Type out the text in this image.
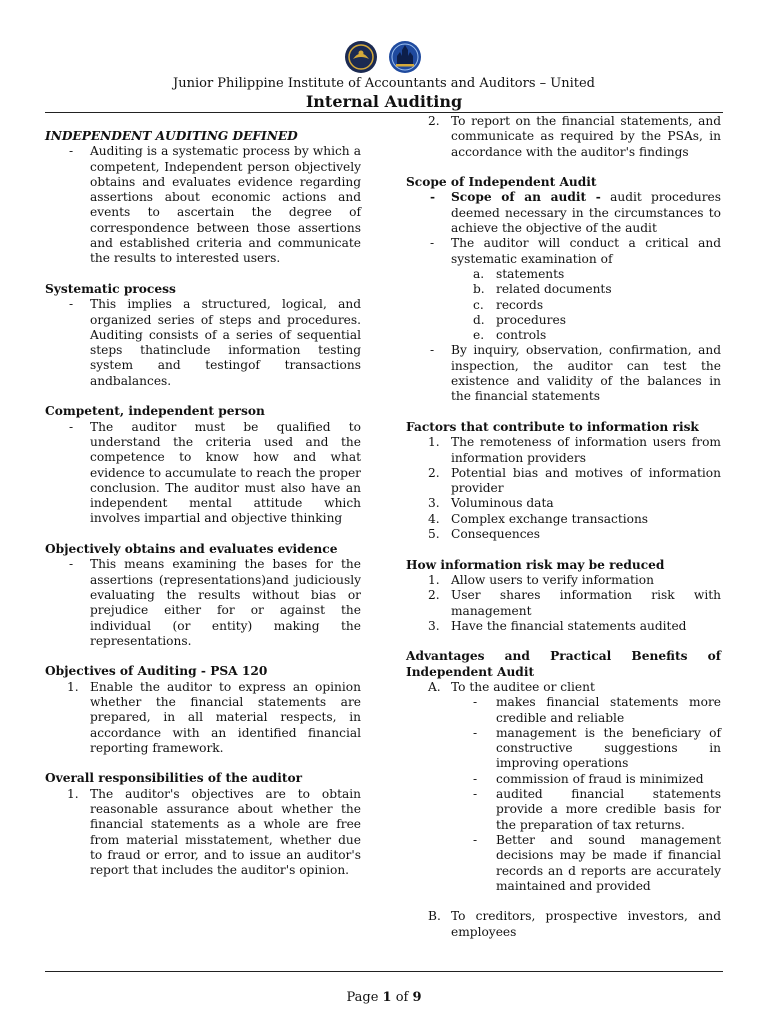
Junior Philippine Institute of Accountants and Auditors – United
Internal Auditing
INDEPENDENT AUDITING DEFINED
- Auditing is a systematic process by which a competent, Independent person objectively obtains and evaluates evidence regarding assertions about economic actions and events to ascertain the degree of correspondence between those assertions and established criteria and communicate the results to interested users.
Systematic process
- This implies a structured, logical, and organized series of steps and procedures. Auditing consists of a series of sequential steps thatinclude information testing system and testingof transactions andbalances.
Competent, independent person
- The auditor must be qualified to understand the criteria used and the competence to know how and what evidence to accumulate to reach the proper conclusion. The auditor must also have an independent mental attitude which involves impartial and objective thinking
Objectively obtains and evaluates evidence
- This means examining the bases for the assertions (representations)and judiciously evaluating the results without bias or prejudice either for or against the individual (or entity) making the representations.
Objectives of Auditing - PSA 120
1. Enable the auditor to express an opinion whether the financial statements are prepared, in all material respects, in accordance with an identified financial reporting framework.
Overall responsibilities of the auditor
1. The auditor's objectives are to obtain reasonable assurance about whether the financial statements as a whole are free from material misstatement, whether due to fraud or error, and to issue an auditor's report that includes the auditor's opinion.
2. To report on the financial statements, and communicate as required by the PSAs, in accordance with the auditor's findings
Scope of Independent Audit
- Scope of an audit - audit procedures deemed necessary in the circumstances to achieve the objective of the audit
- The auditor will conduct a critical and systematic examination of
a. statements
b. related documents
c. records
d. procedures
e. controls
- By inquiry, observation, confirmation, and inspection, the auditor can test the existence and validity of the balances in the financial statements
Factors that contribute to information risk
1. The remoteness of information users from information providers
2. Potential bias and motives of information provider
3. Voluminous data
4. Complex exchange transactions
5. Consequences
How information risk may be reduced
1. Allow users to verify information
2. User shares information risk with management
3. Have the financial statements audited
Advantages and Practical Benefits of Independent Audit
A. To the auditee or client
- makes financial statements more credible and reliable
- management is the beneficiary of constructive suggestions in improving operations
- commission of fraud is minimized
- audited financial statements provide a more credible basis for the preparation of tax returns.
- Better and sound management decisions may be made if financial records an d reports are accurately maintained and provided
B. To creditors, prospective investors, and employees
Page 1 of 9
